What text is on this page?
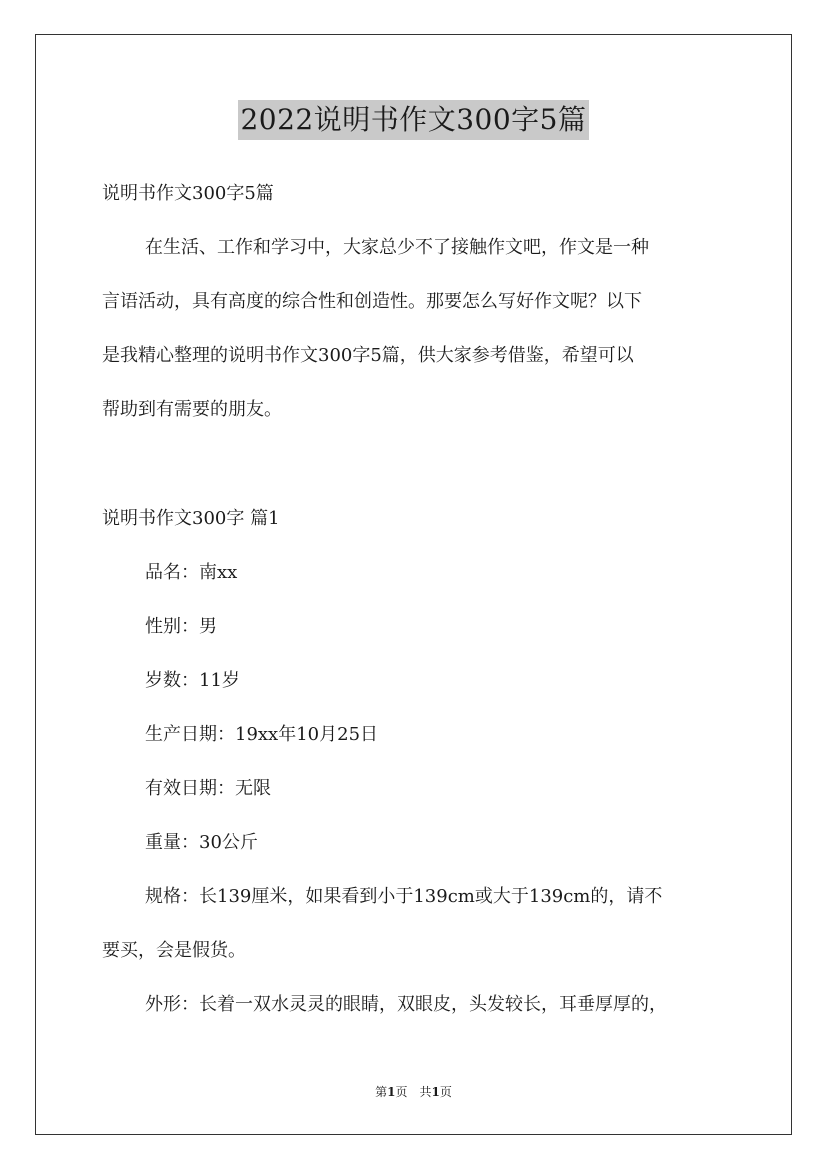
2022说明书作文300字5篇
说明书作文300字5篇
在生活、工作和学习中，大家总少不了接触作文吧，作文是一种
言语活动，具有高度的综合性和创造性。那要怎么写好作文呢？以下
是我精心整理的说明书作文300字5篇，供大家参考借鉴，希望可以
帮助到有需要的朋友。
说明书作文300字 篇1
品名：南xx
性别：男
岁数：11岁
生产日期：19xx年10月25日
有效日期：无限
重量：30公斤
规格：长139厘米，如果看到小于139cm或大于139cm的，请不
要买，会是假货。
外形：长着一双水灵灵的眼睛，双眼皮，头发较长，耳垂厚厚的，
第1页　共1页
